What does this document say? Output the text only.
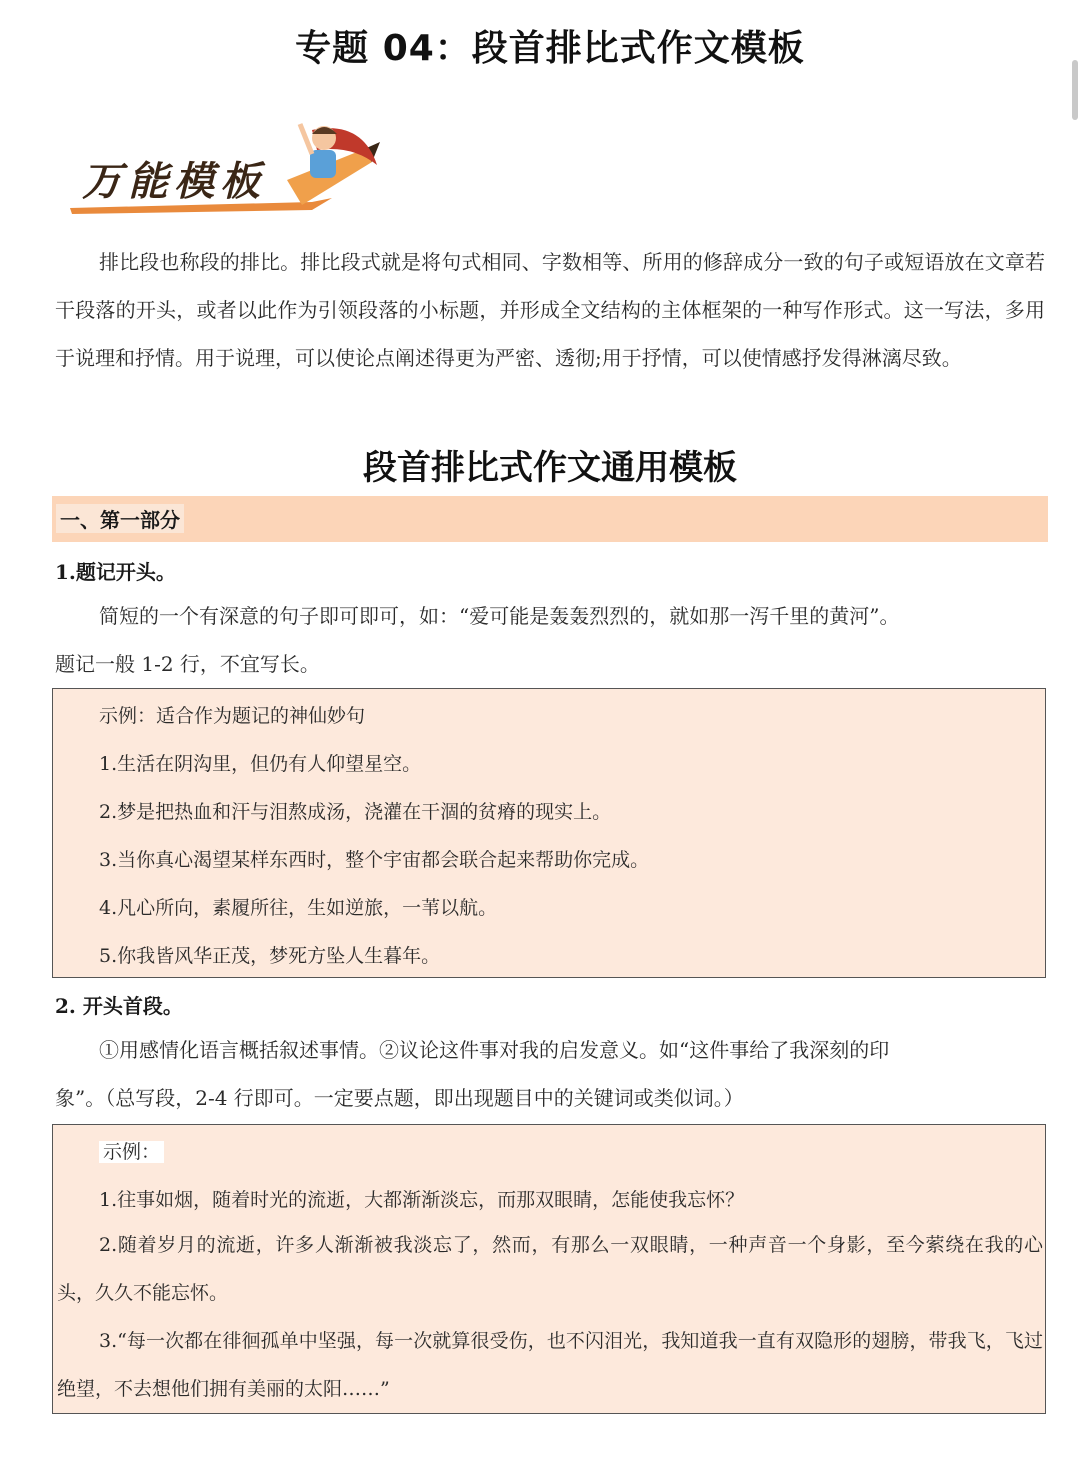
专题 04：段首排比式作文模板
万能模板
排比段也称段的排比。排比段式就是将句式相同、字数相等、所用的修辞成分一致的句子或短语放在文章若干段落的开头，或者以此作为引领段落的小标题，并形成全文结构的主体框架的一种写作形式。这一写法，多用于说理和抒情。用于说理，可以使论点阐述得更为严密、透彻;用于抒情，可以使情感抒发得淋漓尽致。
段首排比式作文通用模板
一、第一部分
1.题记开头。
简短的一个有深意的句子即可即可，如：“爱可能是轰轰烈烈的，就如那一泻千里的黄河”。
题记一般 1-2 行，不宜写长。
示例：适合作为题记的神仙妙句
1.生活在阴沟里，但仍有人仰望星空。
2.梦是把热血和汗与泪熬成汤，浇灌在干涸的贫瘠的现实上。
3.当你真心渴望某样东西时，整个宇宙都会联合起来帮助你完成。
4.凡心所向，素履所往，生如逆旅，一苇以航。
5.你我皆风华正茂，梦死方坠人生暮年。
2. 开头首段。
①用感情化语言概括叙述事情。②议论这件事对我的启发意义。如“这件事给了我深刻的印
象”。（总写段，2-4 行即可。一定要点题，即出现题目中的关键词或类似词。）
示例：
1.往事如烟，随着时光的流逝，大都渐渐淡忘，而那双眼睛，怎能使我忘怀？
2.随着岁月的流逝，许多人渐渐被我淡忘了，然而，有那么一双眼睛，一种声音一个身影，至今萦绕在我的心头，久久不能忘怀。
3.“每一次都在徘徊孤单中坚强，每一次就算很受伤，也不闪泪光，我知道我一直有双隐形的翅膀，带我飞，飞过绝望，不去想他们拥有美丽的太阳……”
